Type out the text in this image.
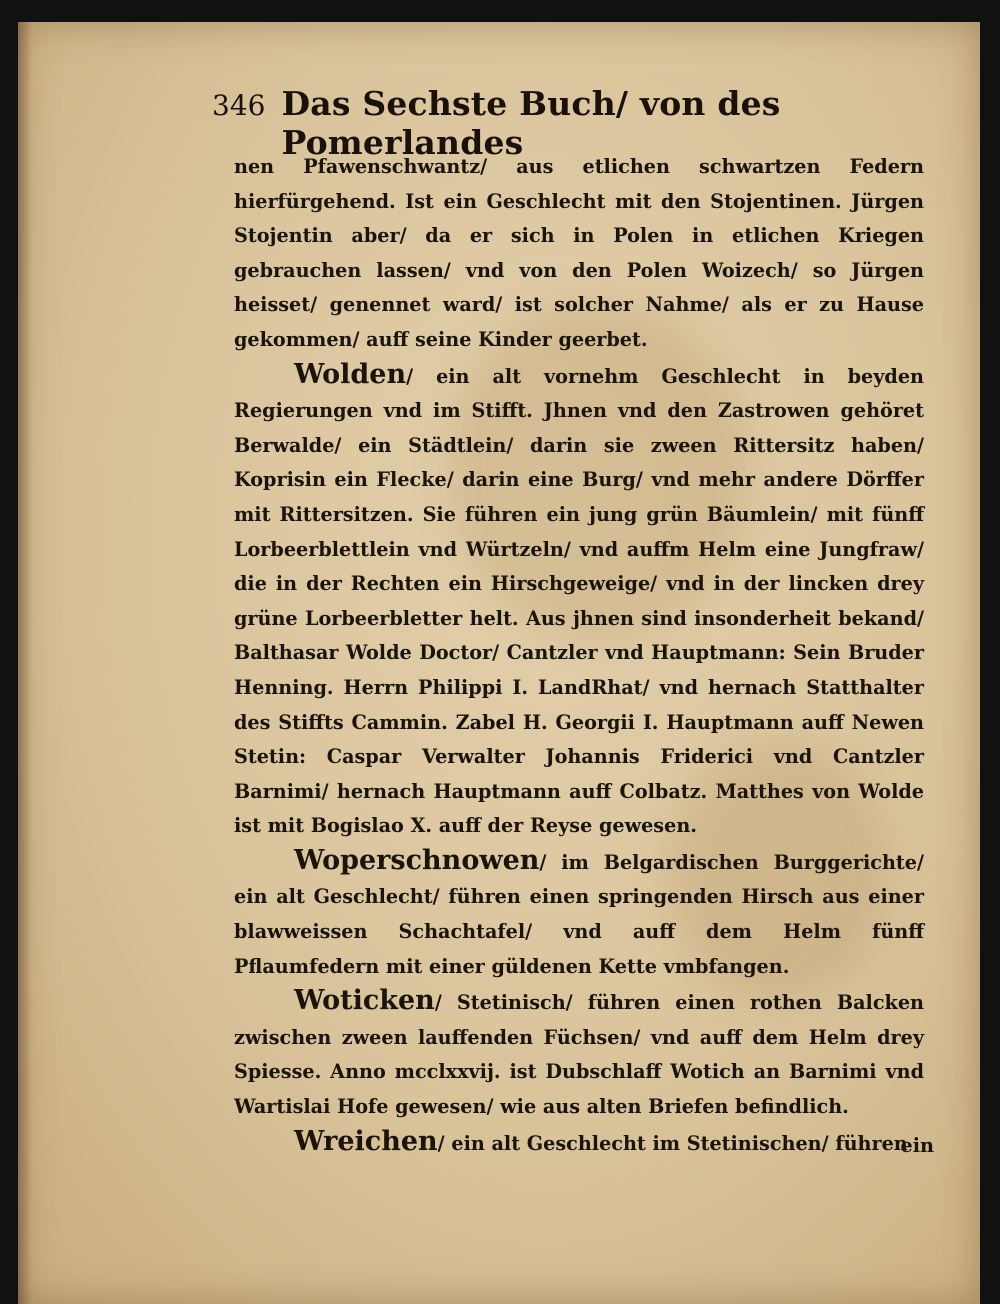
346 Das Sechste Buch/ von des Pomerlandes

nen Pfawenschwantz/ aus etlichen schwartzen Federn hierfürgehend. Ist ein Geschlecht mit den Stojentinen. Jürgen Stojentin aber/ da er sich in Polen in etlichen Kriegen gebrauchen lassen/ vnd von den Polen Woizech/ so Jürgen heisset/ genennet ward/ ist solcher Nahme/ als er zu Hause gekommen/ auff seine Kinder geerbet.

Wolden/ ein alt vornehm Geschlecht in beyden Regierungen vnd im Stifft. Jhnen vnd den Zastrowen gehöret Berwalde/ ein Städtlein/ darin sie zween Rittersitz haben/ Koprisin ein Flecke/ darin eine Burg/ vnd mehr andere Dörffer mit Rittersitzen. Sie führen ein jung grün Bäumlein/ mit fünff Lorbeerblettlein vnd Würtzeln/ vnd auffm Helm eine Jungfraw/ die in der Rechten ein Hirschgeweige/ vnd in der lincken drey grüne Lorbeerbletter helt. Aus jhnen sind insonderheit bekand/ Balthasar Wolde Doctor/ Cantzler vnd Hauptmann: Sein Bruder Henning. Herrn Philippi I. LandRhat/ vnd hernach Statthalter des Stiffts Cammin. Zabel H. Georgii I. Hauptmann auff Newen Stetin: Caspar Verwalter Johannis Friderici vnd Cantzler Barnimi/ hernach Hauptmann auff Colbatz. Matthes von Wolde ist mit Bogislao X. auff der Reyse gewesen.

Woperschnowen/ im Belgardischen Burggerichte/ ein alt Geschlecht/ führen einen springenden Hirsch aus einer blawweissen Schachtafel/ vnd auff dem Helm fünff Pflaumfedern mit einer güldenen Kette vmbfangen.

Woticken/ Stetinisch/ führen einen rothen Balcken zwischen zween lauffenden Füchsen/ vnd auff dem Helm drey Spiesse. Anno mcclxxvij. ist Dubschlaff Wotich an Barnimi vnd Wartislai Hofe gewesen/ wie aus alten Briefen befindlich.

Wreichen/ ein alt Geschlecht im Stetinischen/ führen

ein
